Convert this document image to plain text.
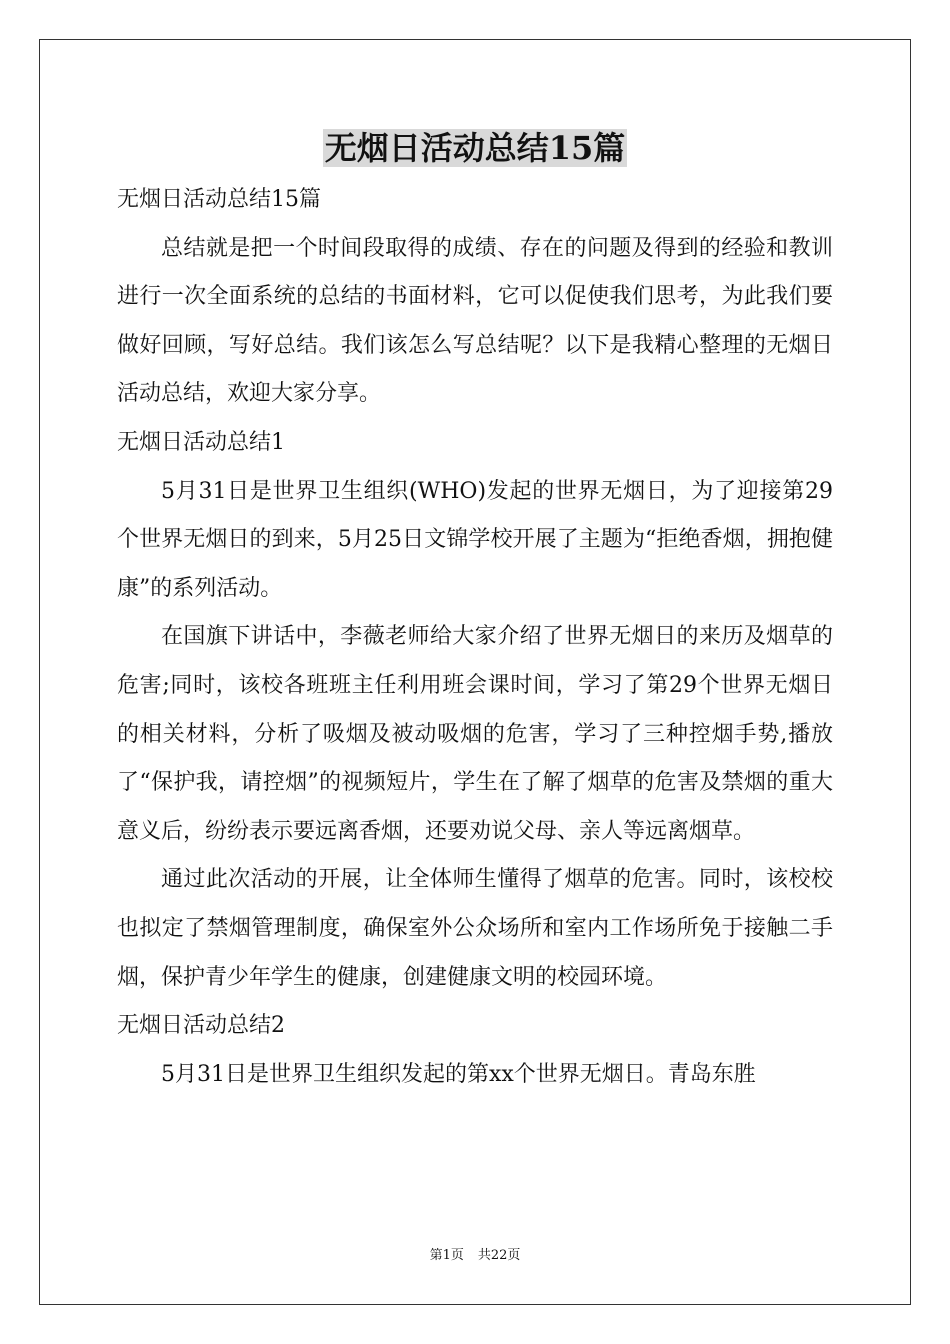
无烟日活动总结15篇

无烟日活动总结15篇

总结就是把一个时间段取得的成绩、存在的问题及得到的经验和教训进行一次全面系统的总结的书面材料，它可以促使我们思考，为此我们要做好回顾，写好总结。我们该怎么写总结呢？以下是我精心整理的无烟日活动总结，欢迎大家分享。

无烟日活动总结1

5月31日是世界卫生组织(WHO)发起的世界无烟日，为了迎接第29个世界无烟日的到来，5月25日文锦学校开展了主题为“拒绝香烟，拥抱健康”的系列活动。

在国旗下讲话中，李薇老师给大家介绍了世界无烟日的来历及烟草的危害;同时，该校各班班主任利用班会课时间，学习了第29个世界无烟日的相关材料，分析了吸烟及被动吸烟的危害，学习了三种控烟手势,播放了“保护我，请控烟”的视频短片，学生在了解了烟草的危害及禁烟的重大意义后，纷纷表示要远离香烟，还要劝说父母、亲人等远离烟草。

通过此次活动的开展，让全体师生懂得了烟草的危害。同时，该校校也拟定了禁烟管理制度，确保室外公众场所和室内工作场所免于接触二手烟，保护青少年学生的健康，创建健康文明的校园环境。

无烟日活动总结2

5月31日是世界卫生组织发起的第xx个世界无烟日。青岛东胜

第1页 共22页
